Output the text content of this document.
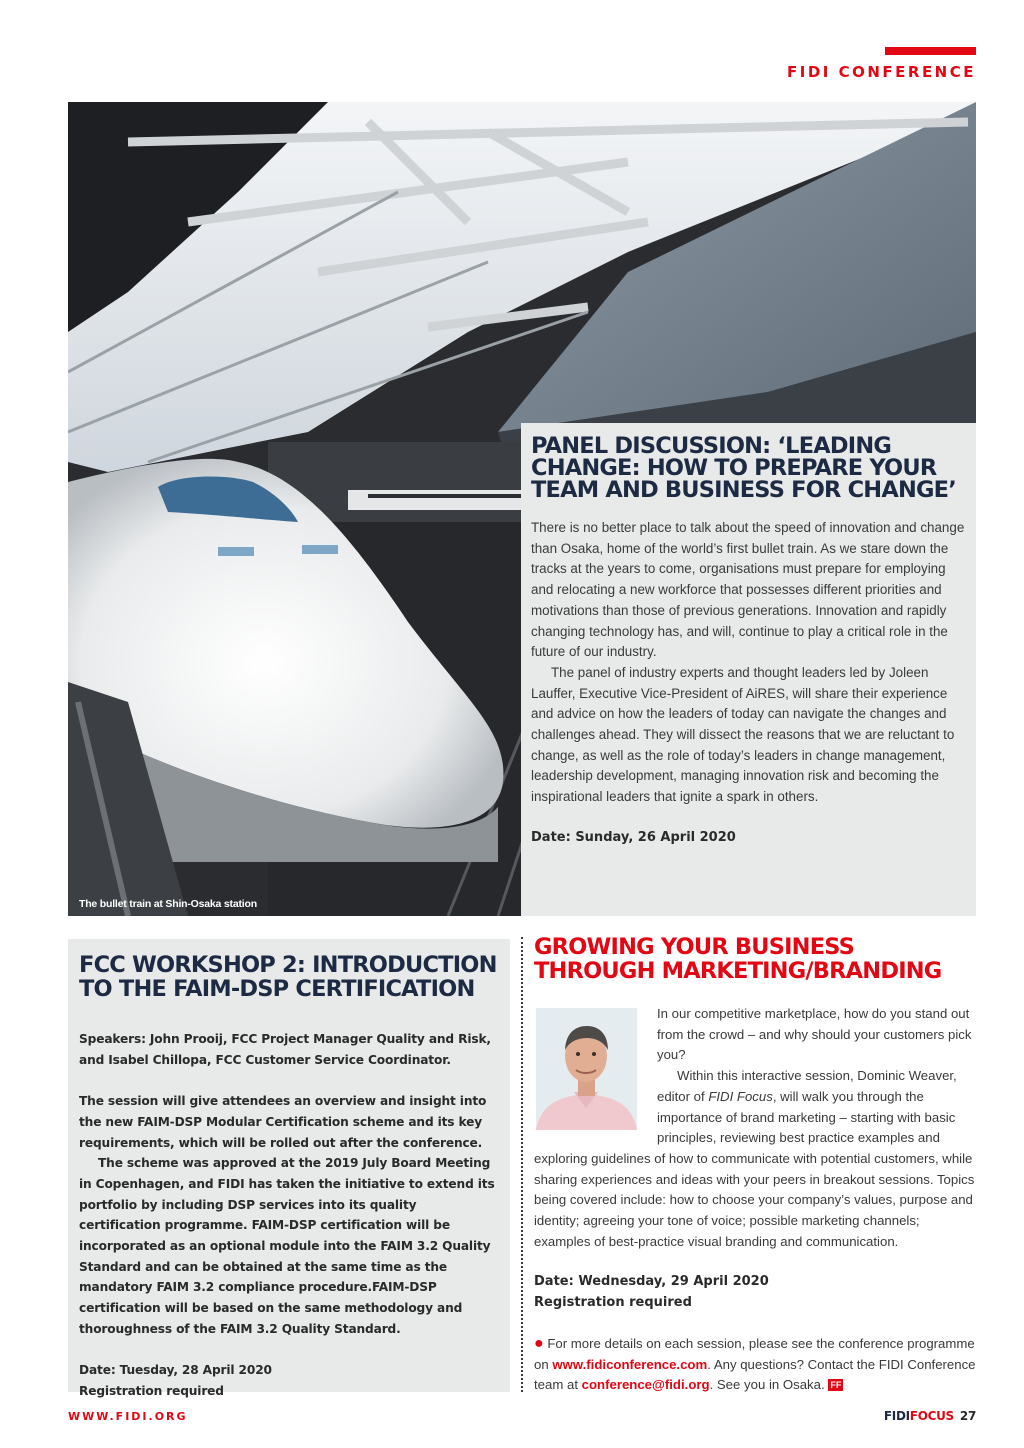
FIDI CONFERENCE
The bullet train at Shin-Osaka station
PANEL DISCUSSION: ‘LEADING CHANGE: HOW TO PREPARE YOUR TEAM AND BUSINESS FOR CHANGE’

There is no better place to talk about the speed of innovation and change than Osaka, home of the world’s first bullet train. As we stare down the tracks at the years to come, organisations must prepare for employing and relocating a new workforce that possesses different priorities and motivations than those of previous generations. Innovation and rapidly changing technology has, and will, continue to play a critical role in the future of our industry.

The panel of industry experts and thought leaders led by Joleen Lauffer, Executive Vice-President of AiRES, will share their experience and advice on how the leaders of today can navigate the changes and challenges ahead. They will dissect the reasons that we are reluctant to change, as well as the role of today’s leaders in change management, leadership development, managing innovation risk and becoming the inspirational leaders that ignite a spark in others.

Date: Sunday, 26 April 2020
FCC WORKSHOP 2: INTRODUCTION TO THE FAIM-DSP CERTIFICATION

Speakers: John Prooij, FCC Project Manager Quality and Risk, and Isabel Chillopa, FCC Customer Service Coordinator.

The session will give attendees an overview and insight into the new FAIM-DSP Modular Certification scheme and its key requirements, which will be rolled out after the conference.

The scheme was approved at the 2019 July Board Meeting in Copenhagen, and FIDI has taken the initiative to extend its portfolio by including DSP services into its quality certification programme. FAIM-DSP certification will be incorporated as an optional module into the FAIM 3.2 Quality Standard and can be obtained at the same time as the mandatory FAIM 3.2 compliance procedure.FAIM-DSP certification will be based on the same methodology and thoroughness of the FAIM 3.2 Quality Standard.

Date: Tuesday, 28 April 2020

Registration required

GROWING YOUR BUSINESS THROUGH MARKETING/BRANDING

In our competitive marketplace, how do you stand out from the crowd – and why should your customers pick you?

Within this interactive session, Dominic Weaver, editor of FIDI Focus, will walk you through the importance of brand marketing – starting with basic principles, reviewing best practice examples and exploring guidelines of how to communicate with potential customers, while sharing experiences and ideas with your peers in breakout sessions. Topics being covered include: how to choose your company’s values, purpose and identity; agreeing your tone of voice; possible marketing channels; examples of best-practice visual branding and communication.

Date: Wednesday, 29 April 2020
Registration required
● For more details on each session, please see the conference programme on www.fidiconference.com. Any questions? Contact the FIDI Conference team at conference@fidi.org. See you in Osaka. FF
WWW.FIDI.ORG	FIDIFOCUS 27
